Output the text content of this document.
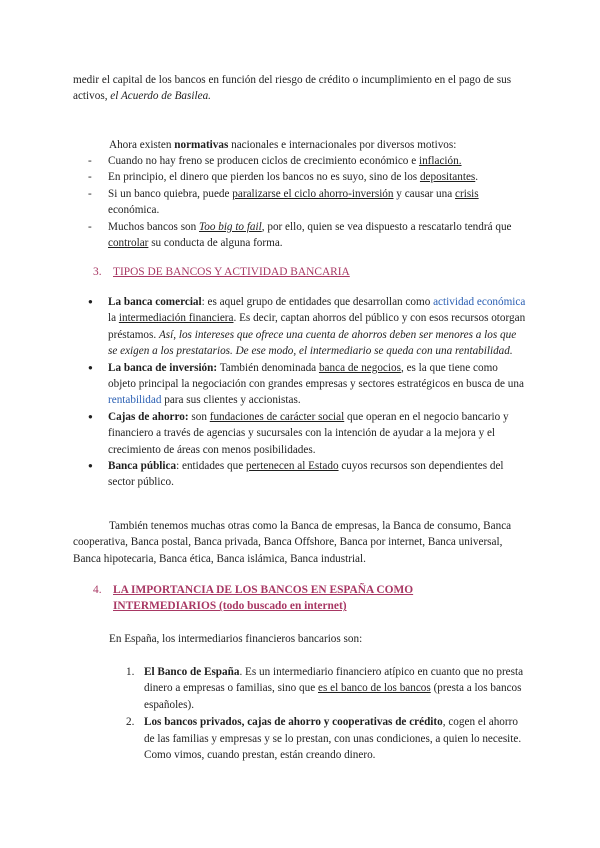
medir el capital de los bancos en función del riesgo de crédito o incumplimiento en el pago de sus activos, el Acuerdo de Basilea.

Ahora existen normativas nacionales e internacionales por diversos motivos:

- Cuando no hay freno se producen ciclos de crecimiento económico e inflación.
- En principio, el dinero que pierden los bancos no es suyo, sino de los depositantes.
- Si un banco quiebra, puede paralizarse el ciclo ahorro-inversión y causar una crisis económica.
- Muchos bancos son Too big to fail, por ello, quien se vea dispuesto a rescatarlo tendrá que controlar su conducta de alguna forma.
3.	TIPOS DE BANCOS Y ACTIVIDAD BANCARIA
● La banca comercial: es aquel grupo de entidades que desarrollan como actividad económica la intermediación financiera. Es decir, captan ahorros del público y con esos recursos otorgan préstamos. Así, los intereses que ofrece una cuenta de ahorros deben ser menores a los que se exigen a los prestatarios. De ese modo, el intermediario se queda con una rentabilidad.
● La banca de inversión: También denominada banca de negocios, es la que tiene como objeto principal la negociación con grandes empresas y sectores estratégicos en busca de una rentabilidad para sus clientes y accionistas.
● Cajas de ahorro: son fundaciones de carácter social que operan en el negocio bancario y financiero a través de agencias y sucursales con la intención de ayudar a la mejora y el crecimiento de áreas con menos posibilidades.
● Banca pública: entidades que pertenecen al Estado cuyos recursos son dependientes del sector público.

También tenemos muchas otras como la Banca de empresas, la Banca de consumo, Banca cooperativa, Banca postal, Banca privada, Banca Offshore, Banca por internet, Banca universal, Banca hipotecaria, Banca ética, Banca islámica, Banca industrial.

4.	LA IMPORTANCIA DE LOS BANCOS EN ESPAÑA COMO INTERMEDIARIOS (todo buscado en internet)

En España, los intermediarios financieros bancarios son:

1. El Banco de España. Es un intermediario financiero atípico en cuanto que no presta dinero a empresas o familias, sino que es el banco de los bancos (presta a los bancos españoles).
2. Los bancos privados, cajas de ahorro y cooperativas de crédito, cogen el ahorro de las familias y empresas y se lo prestan, con unas condiciones, a quien lo necesite. Como vimos, cuando prestan, están creando dinero.
